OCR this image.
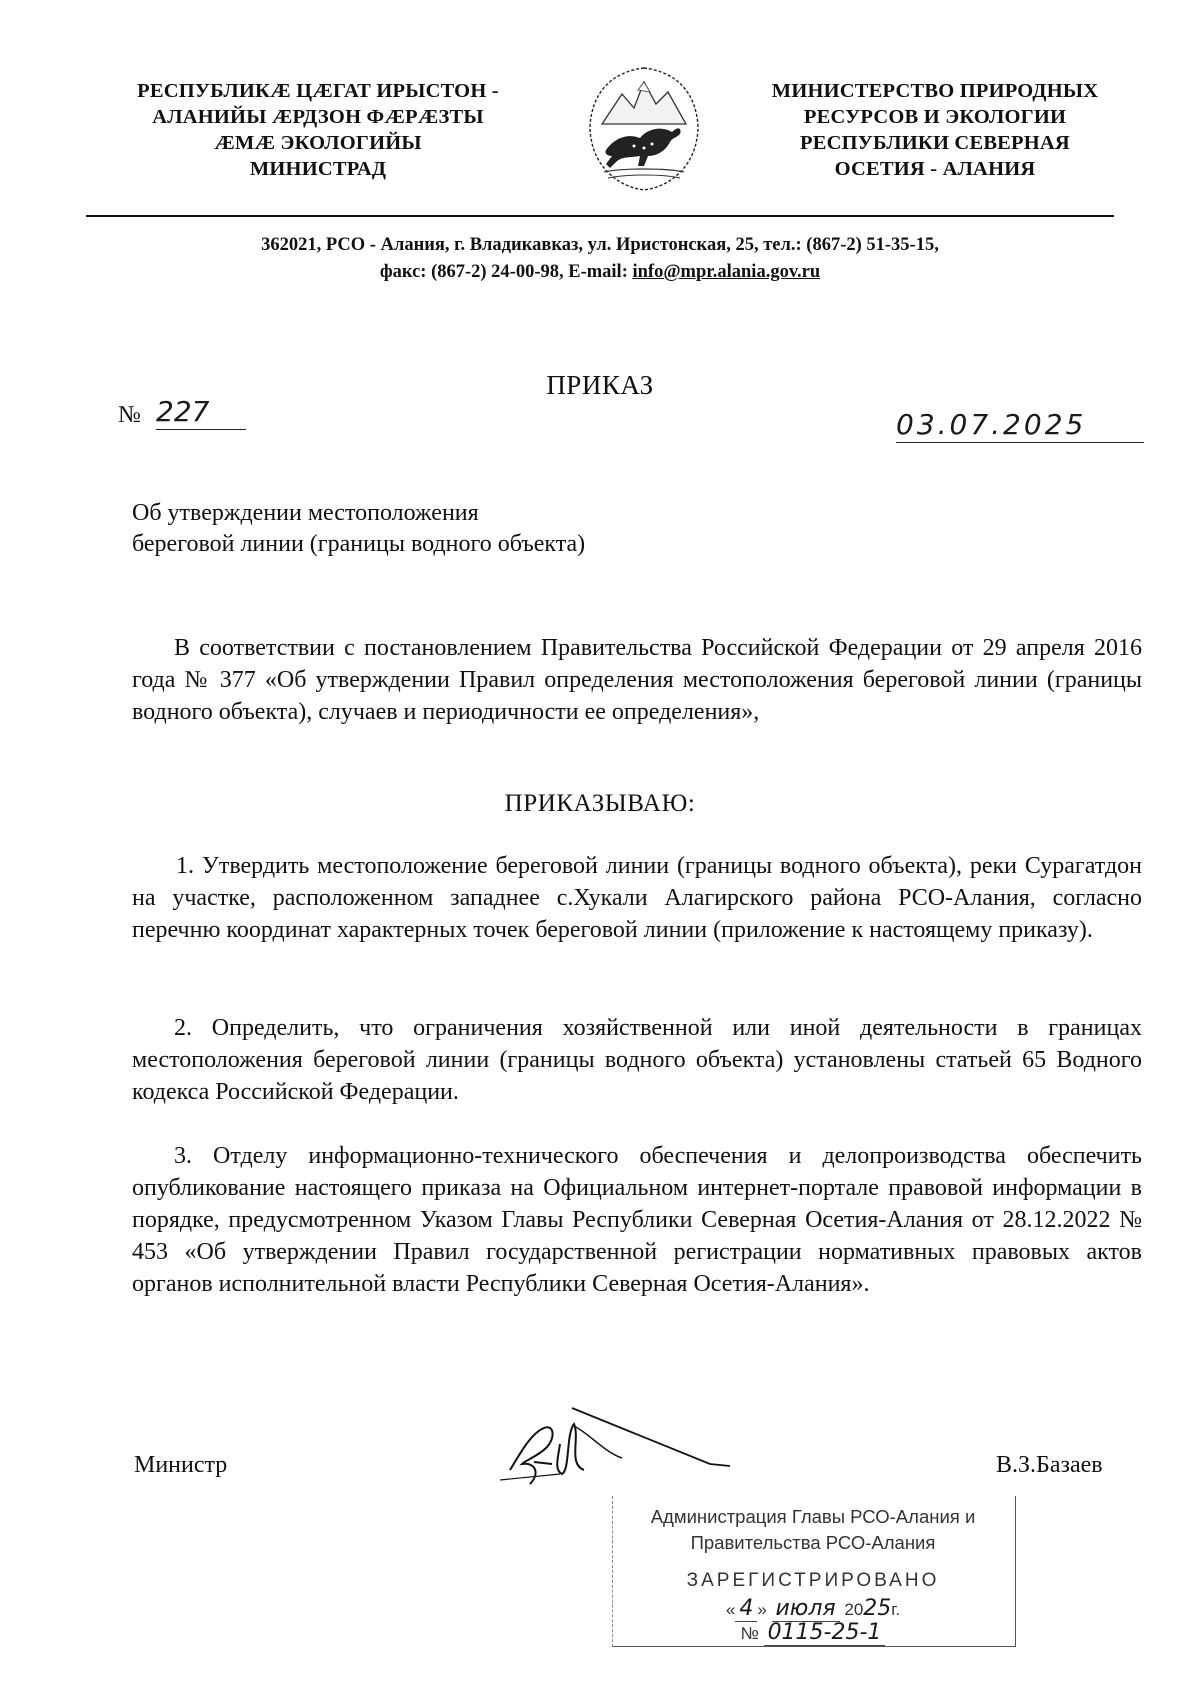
РЕСПУБЛИКӔ ЦӔГАТ ИРЫСТОН -
АЛАНИЙЫ ӔРДЗОН ФӔРӔЗТЫ
ӔМӔ ЭКОЛОГИЙЫ
МИНИСТРАД
МИНИСТЕРСТВО ПРИРОДНЫХ
РЕСУРСОВ И ЭКОЛОГИИ
РЕСПУБЛИКИ СЕВЕРНАЯ
ОСЕТИЯ - АЛАНИЯ
362021, РСО - Алания, г. Владикавказ, ул. Иристонская, 25, тел.: (867-2) 51-35-15,
факс: (867-2) 24-00-98, E-mail: info@mpr.alania.gov.ru
ПРИКАЗ
№ 227	03.07.2025
Об утверждении местоположения
береговой линии (границы водного объекта)
В соответствии с постановлением Правительства Российской Федерации от 29 апреля 2016 года № 377 «Об утверждении Правил определения местоположения береговой линии (границы водного объекта), случаев и периодичности ее определения»,
ПРИКАЗЫВАЮ:
1. Утвердить местоположение береговой линии (границы водного объекта), реки Сурагатдон на участке, расположенном западнее с.Хукали Алагирского района РСО-Алания, согласно перечню координат характерных точек береговой линии (приложение к настоящему приказу).
2. Определить, что ограничения хозяйственной или иной деятельности в границах местоположения береговой линии (границы водного объекта) установлены статьей 65 Водного кодекса Российской Федерации.
3. Отделу информационно-технического обеспечения и делопроизводства обеспечить опубликование настоящего приказа на Официальном интернет-портале правовой информации в порядке, предусмотренном Указом Главы Республики Северная Осетия-Алания от 28.12.2022 № 453 «Об утверждении Правил государственной регистрации нормативных правовых актов органов исполнительной власти Республики Северная Осетия-Алания».
Министр	В.З.Базаев
Администрация Главы РСО-Алания и
Правительства РСО-Алания
ЗАРЕГИСТРИРОВАНО
« 4 » июля 2025г.
№ 0115-25-1
